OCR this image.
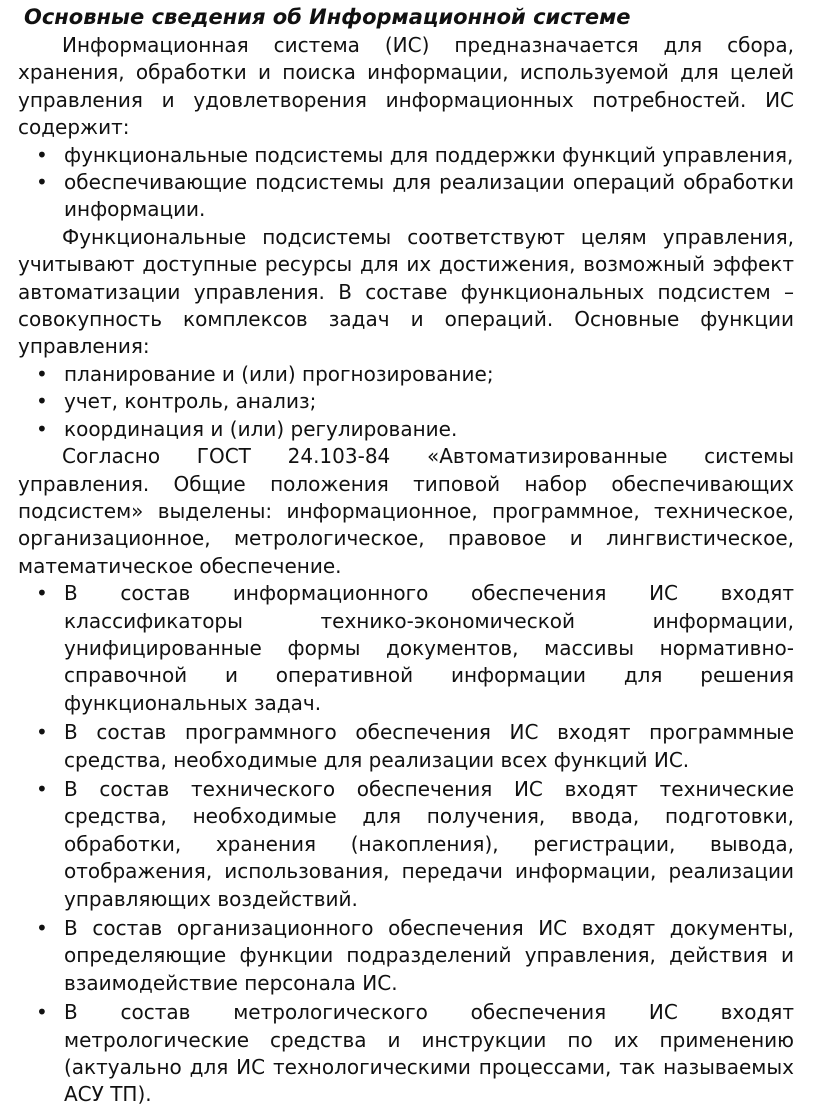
Основные сведения об Информационной системе

Информационная система (ИС) предназначается для сбора, хранения, обработки и поиска информации, используемой для целей управления и удовлетворения информационных потребностей. ИС содержит:

• функциональные подсистемы для поддержки функций управления,
• обеспечивающие подсистемы для реализации операций обработки информации.

Функциональные подсистемы соответствуют целям управления, учитывают доступные ресурсы для их достижения, возможный эффект автоматизации управления. В составе функциональных подсистем – совокупность комплексов задач и операций. Основные функции управления:

• планирование и (или) прогнозирование;
• учет, контроль, анализ;
• координация и (или) регулирование.

Согласно ГОСТ 24.103-84 «Автоматизированные системы управления. Общие положения типовой набор обеспечивающих подсистем» выделены: информационное, программное, техническое, организационное, метрологическое, правовое и лингвистическое, математическое обеспечение.

• В состав информационного обеспечения ИС входят классификаторы технико-экономической информации, унифицированные формы документов, массивы нормативно-справочной и оперативной информации для решения функциональных задач.
• В состав программного обеспечения ИС входят программные средства, необходимые для реализации всех функций ИС.
• В состав технического обеспечения ИС входят технические средства, необходимые для получения, ввода, подготовки, обработки, хранения (накопления), регистрации, вывода, отображения, использования, передачи информации, реализации управляющих воздействий.
• В состав организационного обеспечения ИС входят документы, определяющие функции подразделений управления, действия и взаимодействие персонала ИС.
• В состав метрологического обеспечения ИС входят метрологические средства и инструкции по их применению (актуально для ИС технологическими процессами, так называемых АСУ ТП).
